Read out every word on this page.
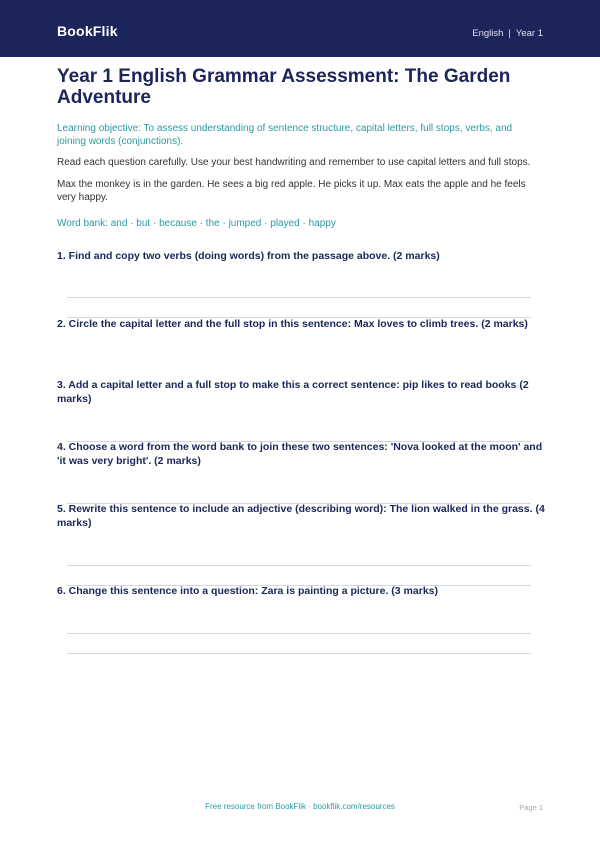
BookFlik	English | Year 1
Year 1 English Grammar Assessment: The Garden Adventure
Learning objective: To assess understanding of sentence structure, capital letters, full stops, verbs, and joining words (conjunctions).
Read each question carefully. Use your best handwriting and remember to use capital letters and full stops.
Max the monkey is in the garden. He sees a big red apple. He picks it up. Max eats the apple and he feels very happy.
Word bank: and · but · because · the · jumped · played · happy
1. Find and copy two verbs (doing words) from the passage above. (2 marks)
2. Circle the capital letter and the full stop in this sentence: Max loves to climb trees. (2 marks)
3. Add a capital letter and a full stop to make this a correct sentence: pip likes to read books (2 marks)
4. Choose a word from the word bank to join these two sentences: 'Nova looked at the moon' and 'it was very bright'. (2 marks)
5. Rewrite this sentence to include an adjective (describing word): The lion walked in the grass. (4 marks)
6. Change this sentence into a question: Zara is painting a picture. (3 marks)
Free resource from BookFlik · bookflik.com/resources	Page 1
